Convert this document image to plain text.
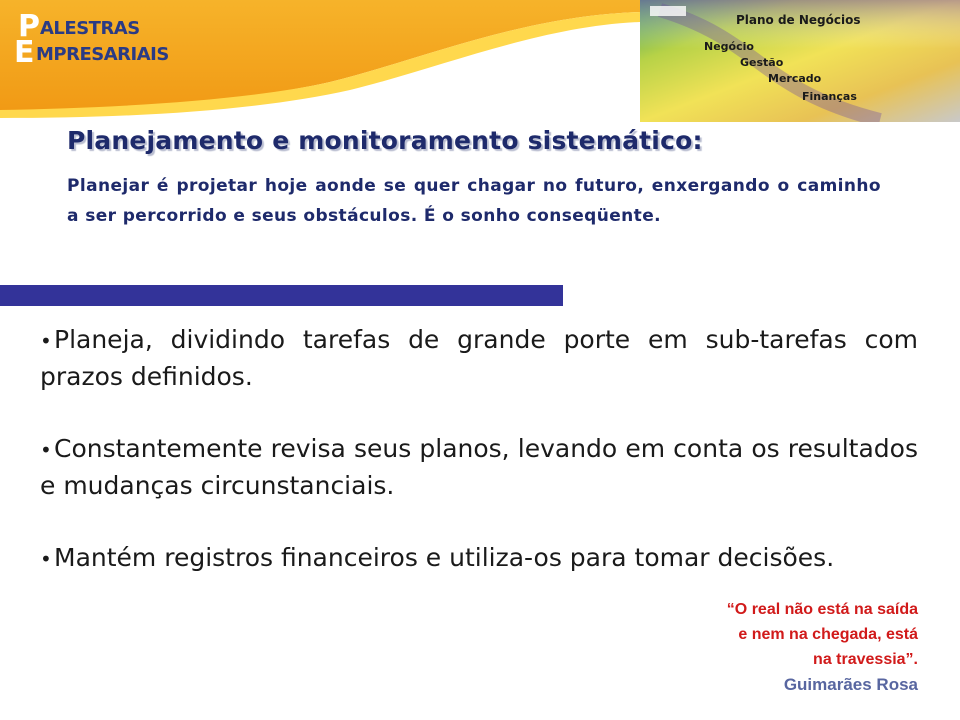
P ALESTRAS
E MPRESARIAIS
Plano de Negócios
Negócio
Gestão
Mercado
Finanças
Planejamento e monitoramento sistemático:

Planejar é projetar hoje aonde se quer chagar no futuro, enxergando o caminho a ser percorrido e seus obstáculos. É o sonho conseqüente.

•Planeja, dividindo tarefas de grande porte em sub-tarefas com prazos definidos.
•Constantemente revisa seus planos, levando em conta os resultados e mudanças circunstanciais.
•Mantém registros financeiros e utiliza-os para tomar decisões.
“O real não está na saída
e nem na chegada, está
na travessia”.
Guimarães Rosa
